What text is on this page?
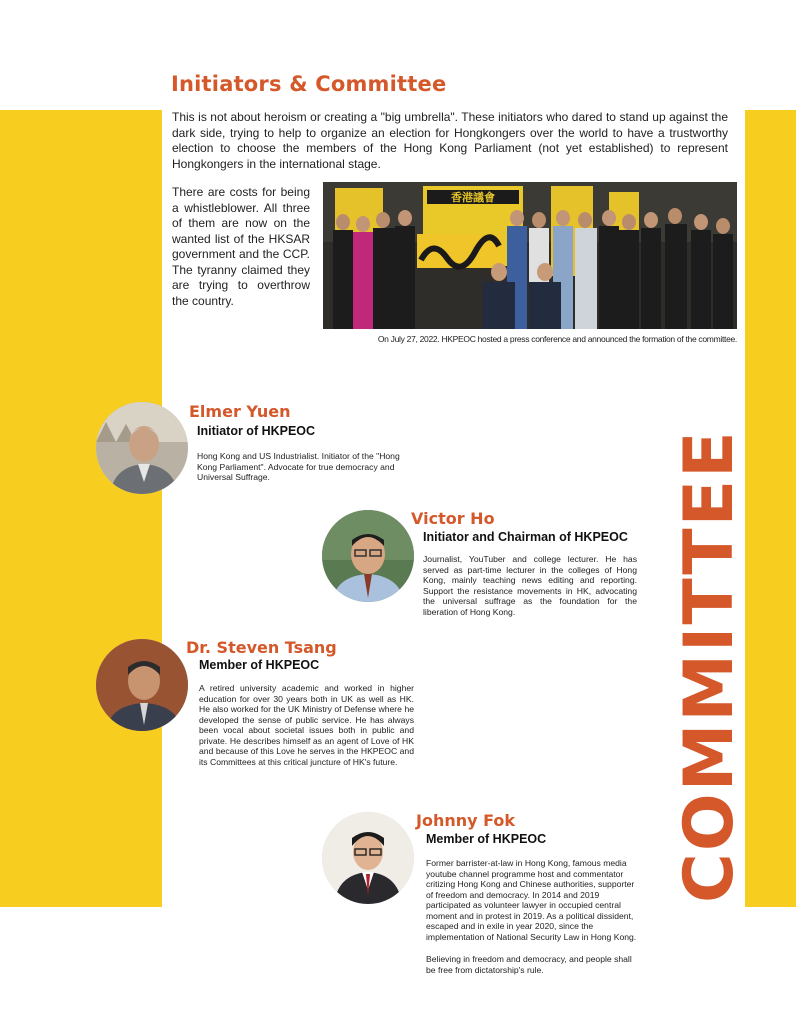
Initiators & Committee

This is not about heroism or creating a "big umbrella". These initiators who dared to stand up against the dark side, trying to help to organize an election for Hongkongers over the world to have a trustworthy election to choose the members of the Hong Kong Parliament (not yet established) to represent Hongkongers in the international stage.

There are costs for being a whistleblower. All three of them are now on the wanted list of the HKSAR government and the CCP. The tyranny claimed they are trying to overthrow the country.

香港議會

On July 27, 2022. HKPEOC hosted a press conference and announced the formation of the committee.

COMMITTEE
Elmer Yuen
Initiator of HKPEOC

Hong Kong and US Industrialist. Initiator of the "Hong Kong Parliament". Advocate for true democracy and Universal Suffrage.

Victor Ho
Initiator and Chairman of HKPEOC

Journalist, YouTuber and college lecturer. He has served as part-time lecturer in the colleges of Hong Kong, mainly teaching news editing and reporting. Support the resistance movements in HK, advocating the universal suffrage as the foundation for the liberation of Hong Kong.

Dr. Steven Tsang
Member of HKPEOC

A retired university academic and worked in higher education for over 30 years both in UK as well as HK. He also worked for the UK Ministry of Defense where he developed the sense of public service. He has always been vocal about societal issues both in public and private. He describes himself as an agent of Love of HK and because of this Love he serves in the HKPEOC and its Committees at this critical juncture of HK's future.

Johnny Fok
Member of HKPEOC

Former barrister-at-law in Hong Kong, famous media youtube channel programme host and commentator critizing Hong Kong and Chinese authorities, supporter of freedom and democracy. In 2014 and 2019 participated as volunteer lawyer in occupied central moment and in protest in 2019. As a political dissident, escaped and in exile in year 2020, since the implementation of National Security Law in Hong Kong.

Believing in freedom and democracy, and people shall be free from dictatorship's rule.
